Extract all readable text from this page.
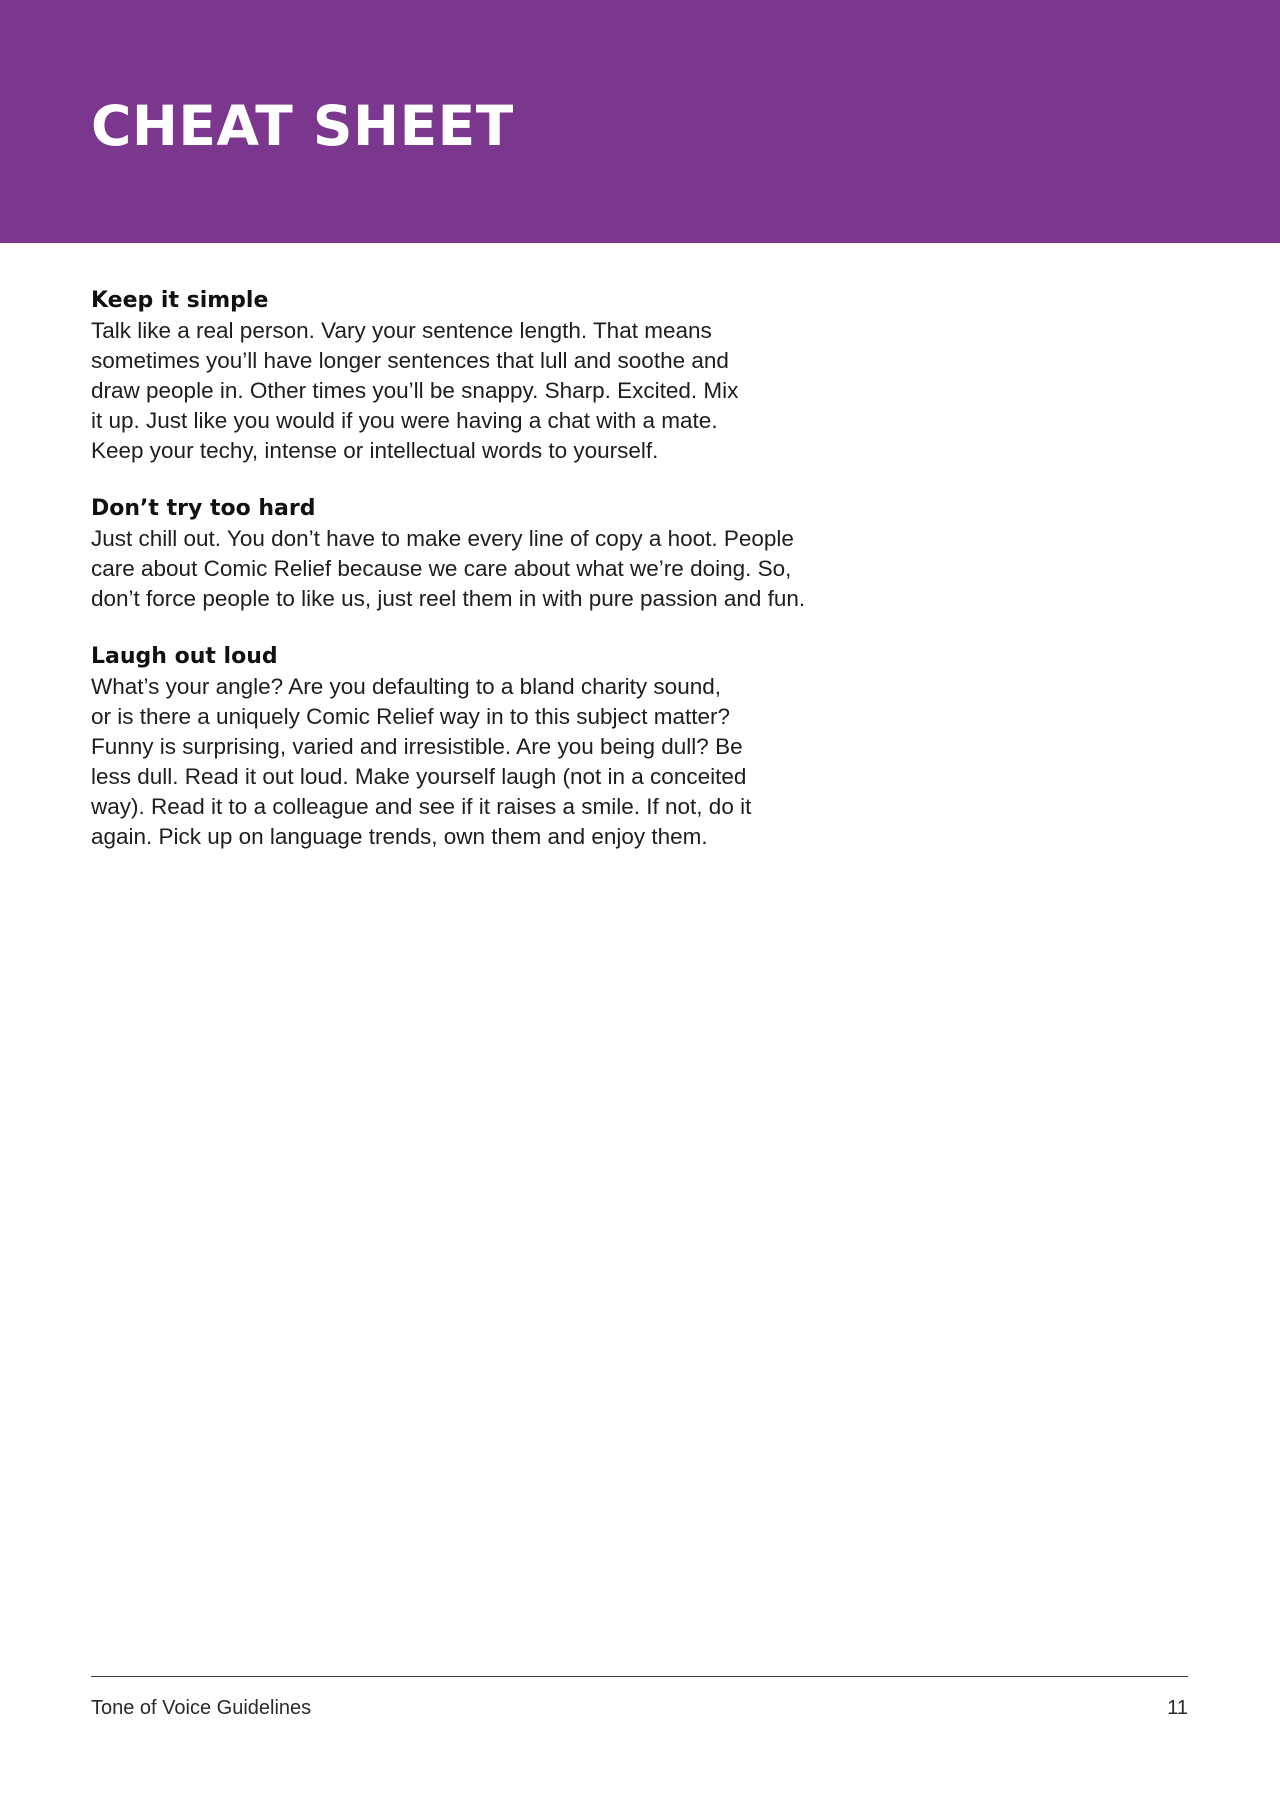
CHEAT SHEET
Keep it simple

Talk like a real person. Vary your sentence length. That means
sometimes you’ll have longer sentences that lull and soothe and
draw people in. Other times you’ll be snappy. Sharp. Excited. Mix
it up. Just like you would if you were having a chat with a mate.
Keep your techy, intense or intellectual words to yourself.

Don’t try too hard

Just chill out. You don’t have to make every line of copy a hoot. People
care about Comic Relief because we care about what we’re doing. So,
don’t force people to like us, just reel them in with pure passion and fun.

Laugh out loud

What’s your angle? Are you defaulting to a bland charity sound,
or is there a uniquely Comic Relief way in to this subject matter?
Funny is surprising, varied and irresistible. Are you being dull? Be
less dull. Read it out loud. Make yourself laugh (not in a conceited
way). Read it to a colleague and see if it raises a smile. If not, do it
again. Pick up on language trends, own them and enjoy them.

Tone of Voice Guidelines	11
